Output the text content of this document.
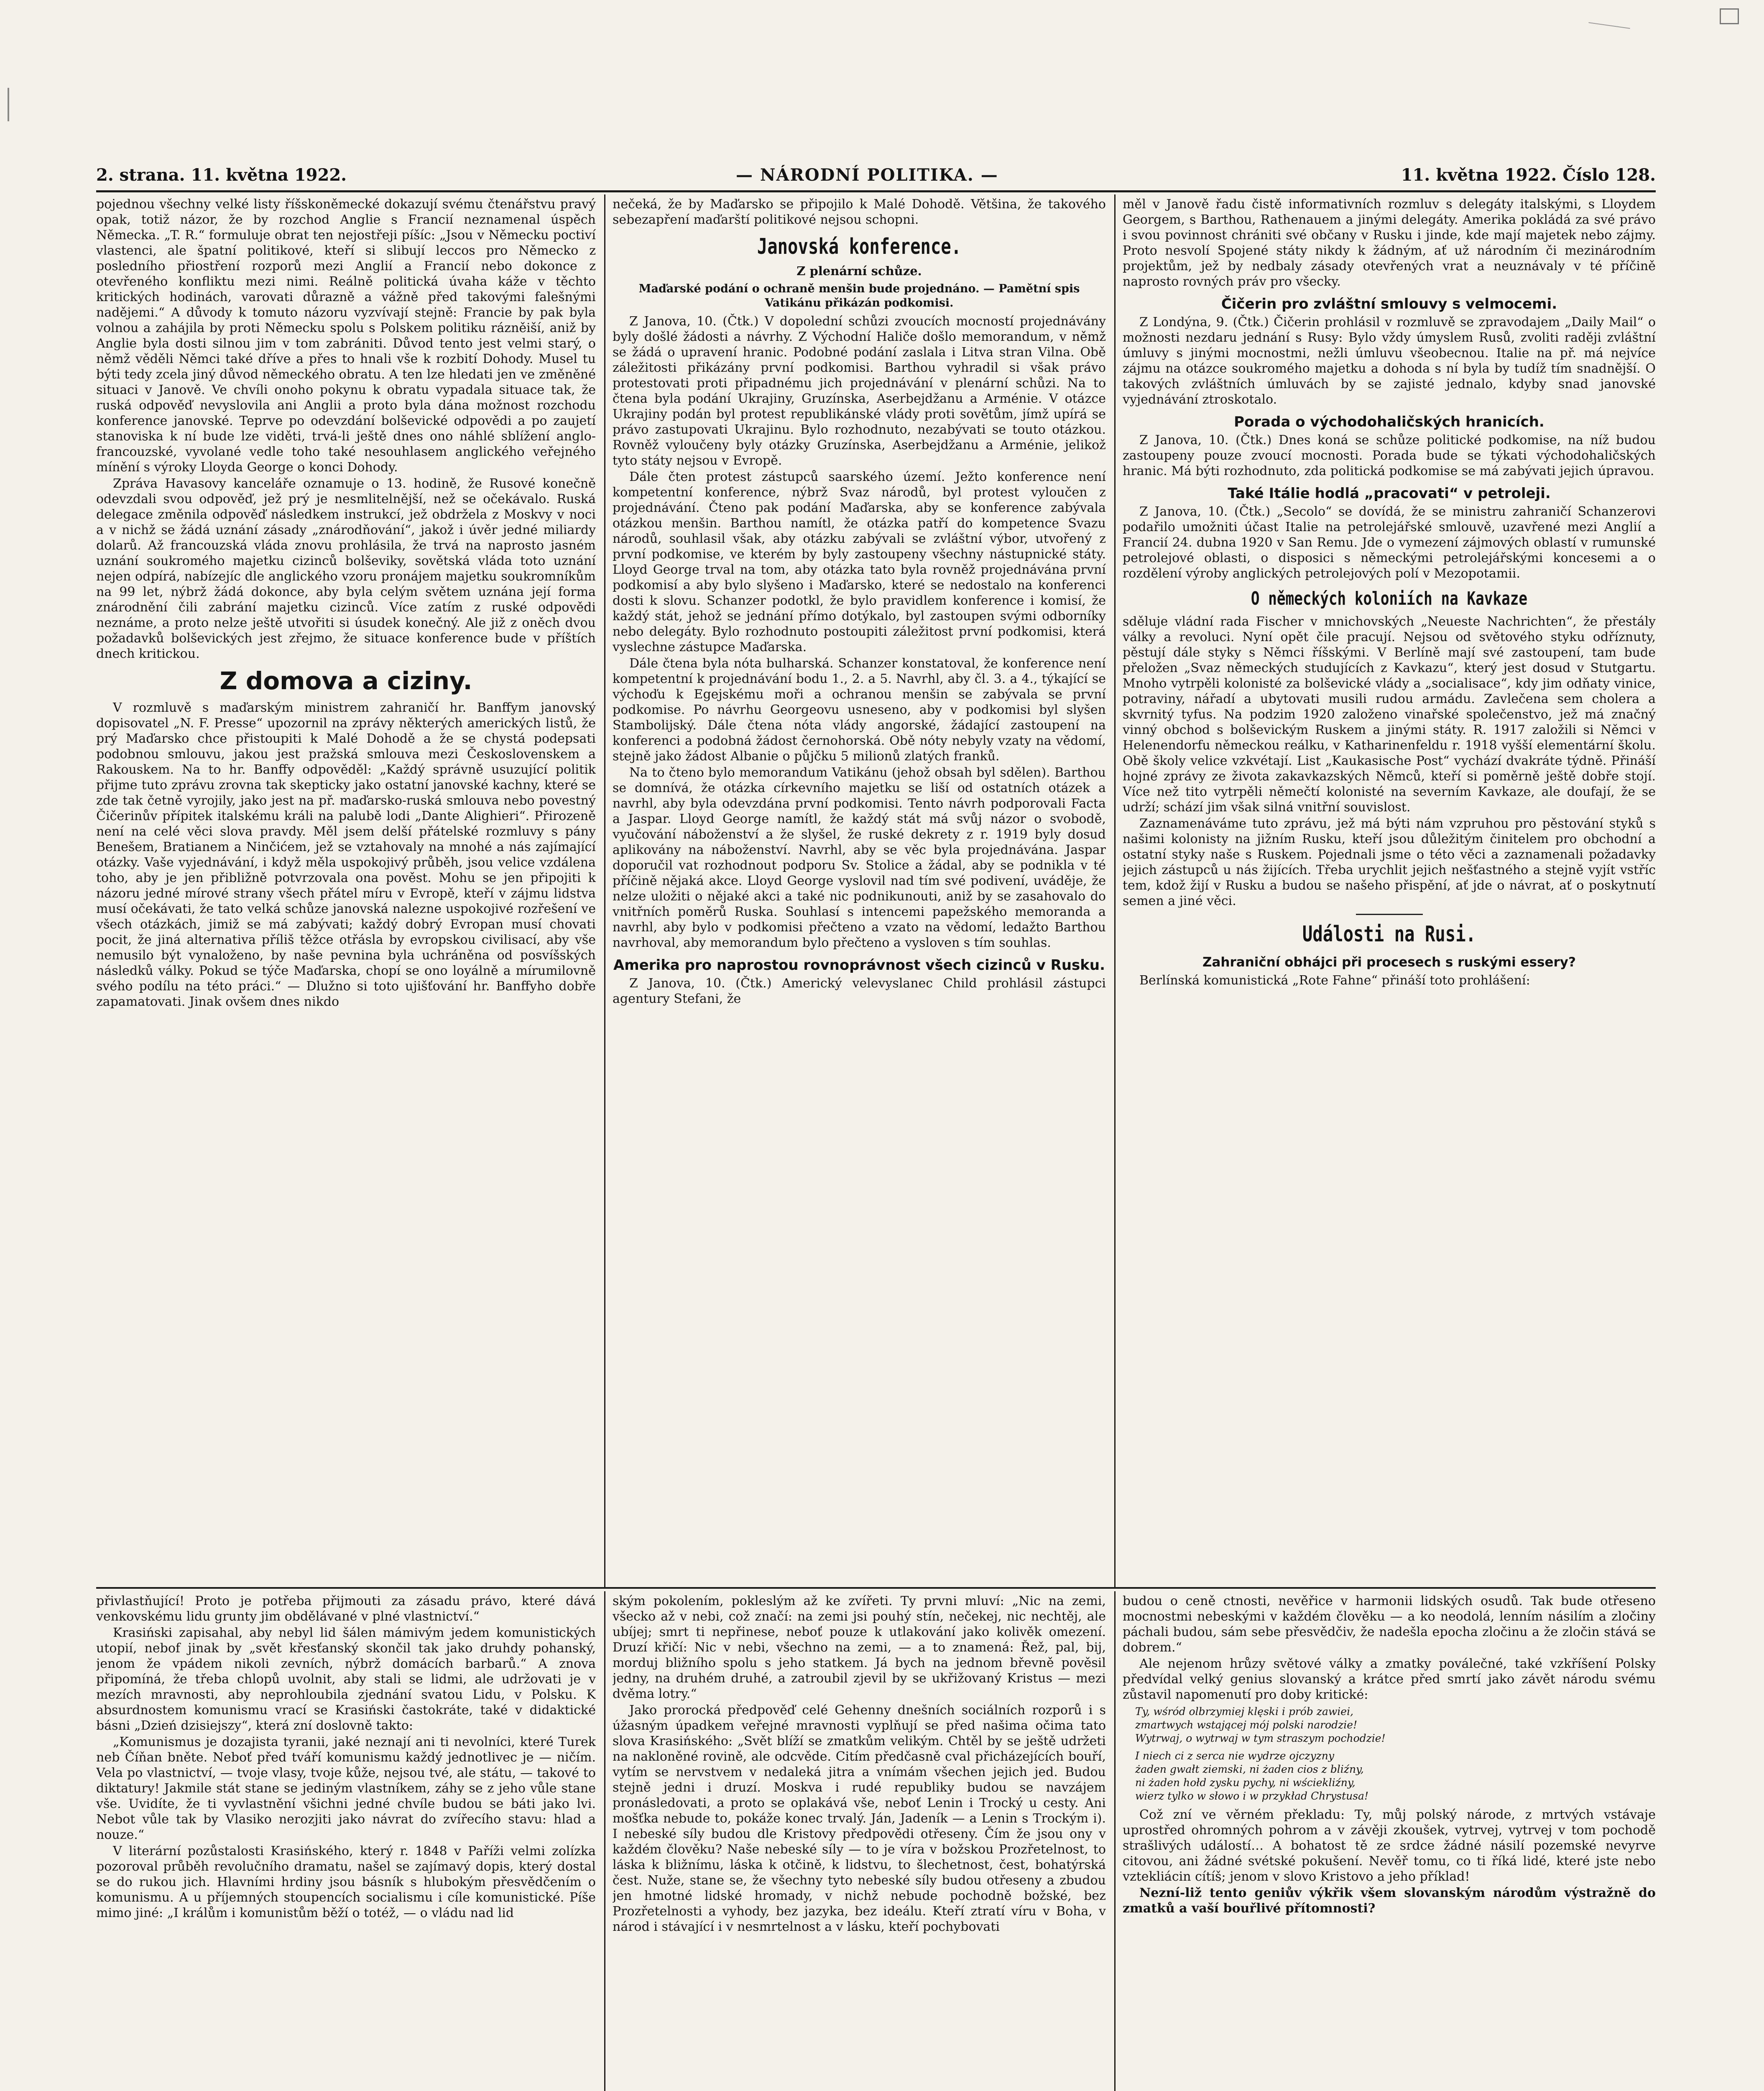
2. strana. 11. května 1922.	— NÁRODNÍ POLITIKA. —	11. května 1922. Číslo 128.

pojednou všechny velké listy říšskoněmecké dokazují svému čtenářstvu pravý opak, totiž názor, že by rozchod Anglie s Francií neznamenal úspěch Německa. „T. R.“ formuluje obrat ten nejostřeji píšíc: „Jsou v Německu poctiví vlastenci, ale špatní politikové, kteří si slibují leccos pro Německo z posledního přiostření rozporů mezi Anglií a Francií nebo dokonce z otevřeného konfliktu mezi nimi. Reálně politická úvaha káže v těchto kritických hodinách, varovati důrazně a vážně před takovými falešnými nadějemi.“ A důvody k tomuto názoru vyzvívají stejně: Francie by pak byla volnou a zahájila by proti Německu spolu s Polskem politiku rázněiší, aniž by Anglie byla dosti silnou jim v tom zabrániti. Důvod tento jest velmi starý, o němž věděli Němci také dříve a přes to hnali vše k rozbití Dohody. Musel tu býti tedy zcela jiný důvod německého obratu. A ten lze hledati jen ve změněné situaci v Janově. Ve chvíli onoho pokynu k obratu vypadala situace tak, že ruská odpověď nevyslovila ani Anglii a proto byla dána možnost rozchodu konference janovské. Teprve po odevzdání bolševické odpovědi a po zaujetí stanoviska k ní bude lze viděti, trvá-li ještě dnes ono náhlé sblížení anglo-francouzské, vyvolané vedle toho také nesouhlasem anglického veřejného mínění s výroky Lloyda George o konci Dohody.

Zpráva Havasovy kanceláře oznamuje o 13. hodině, že Rusové konečně odevzdali svou odpověď, jež prý je nesmlitelnější, než se očekávalo. Ruská delegace změnila odpověď následkem instrukcí, jež obdržela z Moskvy v noci a v nichž se žádá uznání zásady „znárodňování“, jakož i úvěr jedné miliardy dolarů. Až francouzská vláda znovu prohlásila, že trvá na naprosto jasném uznání soukromého majetku cizinců bolševiky, sovětská vláda toto uznání nejen odpírá, nabízejíc dle anglického vzoru pronájem majetku soukromníkům na 99 let, nýbrž žádá dokonce, aby byla celým světem uznána její forma znárodnění čili zabrání majetku cizinců. Více zatím z ruské odpovědi neznáme, a proto nelze ještě utvořiti si úsudek konečný. Ale již z oněch dvou požadavků bolševických jest zřejmo, že situace konference bude v příštích dnech kritickou.

Z domova a ciziny.

V rozmluvě s maďarským ministrem zahraničí hr. Banffym janovský dopisovatel „N. F. Presse“ upozornil na zprávy některých amerických listů, že prý Maďarsko chce přistoupiti k Malé Dohodě a že se chystá podepsati podobnou smlouvu, jakou jest pražská smlouva mezi Československem a Rakouskem. Na to hr. Banffy odpověděl: „Každý správně usuzující politik přijme tuto zprávu zrovna tak skepticky jako ostatní janovské kachny, které se zde tak četně vyrojily, jako jest na př. maďarsko-ruská smlouva nebo povestný Čičerinův přípitek italskému králi na palubě lodi „Dante Alighieri“. Přirozeně není na celé věci slova pravdy. Měl jsem delší přátelské rozmluvy s pány Benešem, Bratianem a Ninčićem, jež se vztahovaly na mnohé a nás zajímající otázky. Vaše vyjednávání, i když měla uspokojivý průběh, jsou velice vzdálena toho, aby je jen přibližně potvrzovala ona pověst. Mohu se jen připojiti k názoru jedné mírové strany všech přátel míru v Evropě, kteří v zájmu lidstva musí očekávati, že tato velká schůze janovská nalezne uspokojivé rozřešení ve všech otázkách, jimiž se má zabývati; každý dobrý Evropan musí chovati pocit, že jiná alternativa příliš těžce otřásla by evropskou civilisací, aby vše nemusilo být vynaloženo, by naše pevnina byla uchráněna od posvíšských následků války. Pokud se týče Maďarska, chopí se ono loyálně a mírumilovně svého podílu na této práci.“ — Dlužno si toto ujišťování hr. Banffyho dobře zapamatovati. Jinak ovšem dnes nikdo

nečeká, že by Maďarsko se připojilo k Malé Dohodě. Většina, že takového sebezapření maďarští politikové nejsou schopni.

Janovská konference.
Z plenární schůze.
Maďarské podání o ochraně menšin bude projednáno. — Pamětní spis Vatikánu přikázán podkomisi.

Z Janova, 10. (Čtk.) V dopolední schůzi zvoucích mocností projednávány byly došlé žádosti a návrhy. Z Východní Haliče došlo memorandum, v němž se žádá o upravení hranic. Podobné podání zaslala i Litva stran Vilna. Obě záležitosti přikázány první podkomisi. Barthou vyhradil si však právo protestovati proti připadnému jich projednávání v plenární schůzi. Na to čtena byla podání Ukrajiny, Gruzínska, Aserbejdžanu a Arménie. V otázce Ukrajiny podán byl protest republikánské vlády proti sovětům, jímž upírá se právo zastupovati Ukrajinu. Bylo rozhodnuto, nezabývati se touto otázkou. Rovněž vyloučeny byly otázky Gruzínska, Aserbejdžanu a Arménie, jelikož tyto státy nejsou v Evropě.

Dále čten protest zástupců saarského území. Ježto konference není kompetentní konference, nýbrž Svaz národů, byl protest vyloučen z projednávání. Čteno pak podání Maďarska, aby se konference zabývala otázkou menšin. Barthou namítl, že otázka patří do kompetence Svazu národů, souhlasil však, aby otázku zabývali se zvláštní výbor, utvořený z první podkomise, ve kterém by byly zastoupeny všechny nástupnické státy. Lloyd George trval na tom, aby otázka tato byla rovněž projednávána první podkomisí a aby bylo slyšeno i Maďarsko, které se nedostalo na konferenci dosti k slovu. Schanzer podotkl, že bylo pravidlem konference i komisí, že každý stát, jehož se jednání přímo dotýkalo, byl zastoupen svými odborníky nebo delegáty. Bylo rozhodnuto postoupiti záležitost první podkomisi, která vyslechne zástupce Maďarska.

Dále čtena byla nóta bulharská. Schanzer konstatoval, že konference není kompetentní k projednávání bodu 1., 2. a 5. Navrhl, aby čl. 3. a 4., týkající se výchoďu k Egejskému moři a ochranou menšin se zabývala se první podkomise. Po návrhu Georgeovu usneseno, aby v podkomisi byl slyšen Stambolijský. Dále čtena nóta vlády angorské, žádající zastoupení na konferenci a podobná žádost černohorská. Obě nóty nebyly vzaty na vědomí, stejně jako žádost Albanie o půjčku 5 milionů zlatých franků.

Na to čteno bylo memorandum Vatikánu (jehož obsah byl sdělen). Barthou se domnívá, že otázka církevního majetku se liší od ostatních otázek a navrhl, aby byla odevzdána první podkomisi. Tento návrh podporovali Facta a Jaspar. Lloyd George namítl, že každý stát má svůj názor o svobodě, vyučování náboženství a že slyšel, že ruské dekrety z r. 1919 byly dosud aplikovány na náboženství. Navrhl, aby se věc byla projednávána. Jaspar doporučil vat rozhodnout podporu Sv. Stolice a žádal, aby se podnikla v té příčině nějaká akce. Lloyd George vyslovil nad tím své podivení, uváděje, že nelze uložiti o nějaké akci a také nic podnikunouti, aniž by se zasahovalo do vnitřních poměrů Ruska. Souhlasí s intencemi papežského memoranda a navrhl, aby bylo v podkomisi přečteno a vzato na vědomí, ledažto Barthou navrhoval, aby memorandum bylo přečteno a vysloven s tím souhlas.

Amerika pro naprostou rovnoprávnost všech cizinců v Rusku.

Z Janova, 10. (Čtk.) Americký velevyslanec Child prohlásil zástupci agentury Stefani, že

měl v Janově řadu čistě informativních rozmluv s delegáty italskými, s Lloydem Georgem, s Barthou, Rathenauem a jinými delegáty. Amerika pokládá za své právo i svou povinnost chrániti své občany v Rusku i jinde, kde mají majetek nebo zájmy. Proto nesvolí Spojené státy nikdy k žádným, ať už národním či mezinárodním projektům, jež by nedbaly zásady otevřených vrat a neuznávaly v té příčině naprosto rovných práv pro všecky.

Čičerin pro zvláštní smlouvy s velmocemi.

Z Londýna, 9. (Čtk.) Čičerin prohlásil v rozmluvě se zpravodajem „Daily Mail“ o možnosti nezdaru jednání s Rusy: Bylo vždy úmyslem Rusů, zvoliti raději zvláštní úmluvy s jinými mocnostmi, nežli úmluvu všeobecnou. Italie na př. má nejvíce zájmu na otázce soukromého majetku a dohoda s ní byla by tudíž tím snadnější. O takových zvláštních úmluvách by se zajisté jednalo, kdyby snad janovské vyjednávání ztroskotalo.

Porada o východohaličských hranicích.

Z Janova, 10. (Čtk.) Dnes koná se schůze politické podkomise, na níž budou zastoupeny pouze zvoucí mocnosti. Porada bude se týkati východohaličských hranic. Má býti rozhodnuto, zda politická podkomise se má zabývati jejich úpravou.

Také Itálie hodlá „pracovati“ v petroleji.

Z Janova, 10. (Čtk.) „Secolo“ se dovídá, že se ministru zahraničí Schanzerovi podařilo umožniti účast Italie na petrolejářské smlouvě, uzavřené mezi Anglií a Francií 24. dubna 1920 v San Remu. Jde o vymezení zájmových oblastí v rumunské petrolejové oblasti, o disposici s německými petrolejářskými koncesemi a o rozdělení výroby anglických petrolejových polí v Mezopotamii.

O německých koloniích na Kavkaze

sděluje vládní rada Fischer v mnichovských „Neueste Nachrichten“, že přestály války a revoluci. Nyní opět čile pracují. Nejsou od světového styku odříznuty, pěstují dále styky s Němci říšskými. V Berlíně mají své zastoupení, tam bude přeložen „Svaz německých studujících z Kavkazu“, který jest dosud v Stutgartu. Mnoho vytrpěli kolonisté za bolševické vlády a „socialisace“, kdy jim odňaty vinice, potraviny, nářadí a ubytovati musili rudou armádu. Zavlečena sem cholera a skvrnitý tyfus. Na podzim 1920 založeno vinařské společenstvo, jež má značný vinný obchod s bolševickým Ruskem a jinými státy. R. 1917 založili si Němci v Helenendorfu německou reálku, v Katharinenfeldu r. 1918 vyšší elementární školu. Obě školy velice vzkvétají. List „Kaukasische Post“ vychází dvakráte týdně. Přináší hojné zprávy ze života zakavkazských Němců, kteří si poměrně ještě dobře stojí. Více než tito vytrpěli němečtí kolonisté na severním Kavkaze, ale doufají, že se udrží; schází jim však silná vnitřní souvislost.

Zaznamenáváme tuto zprávu, jež má býti nám vzpruhou pro pěstování styků s našimi kolonisty na jižním Rusku, kteří jsou důležitým činitelem pro obchodní a ostatní styky naše s Ruskem. Pojednali jsme o této věci a zaznamenali požadavky jejich zástupců u nás žijících. Třeba urychlit jejich nešťastného a stejně vyjít vstříc tem, kdož žijí v Rusku a budou se našeho přispění, ať jde o návrat, ať o poskytnutí semen a jiné věci.

Události na Rusi.
Zahraniční obhájci při procesech s ruskými essery?

Berlínská komunistická „Rote Fahne“ přináší toto prohlášení:

přivlastňující! Proto je potřeba přijmouti za zásadu právo, které dává venkovskému lidu grunty jim obdělávané v plné vlastnictví.“

Krasiński zapisahal, aby nebyl lid šálen mámivým jedem komunistických utopií, nebof jinak by „svět křesťanský skončil tak jako druhdy pohanský, jenom že vpádem nikoli zevních, nýbrž domácích barbarů.“ A znova připomíná, že třeba chlopů uvolnit, aby stali se lidmi, ale udržovati je v mezích mravnosti, aby neprohloubila zjednání svatou Lidu, v Polsku. K absurdnostem komunismu vrací se Krasiński častokráte, také v didaktické básni „Dzień dzisiejszy“, která zní doslovně takto:

„Komunismus je dozajista tyranii, jaké neznají ani ti nevolníci, které Turek neb Číňan bněte. Neboť před tváří komunismu každý jednotlivec je — ničím. Vela po vlastnictví, — tvoje vlasy, tvoje kůže, nejsou tvé, ale státu, — takové to diktatury! Jakmile stát stane se jediným vlastníkem, záhy se z jeho vůle stane vše. Uvidíte, že ti vyvlastnění všichni jedné chvíle budou se báti jako lvi. Nebot vůle tak by Vlasiko nerozjiti jako návrat do zvířecího stavu: hlad a nouze.“

V literární pozůstalosti Krasińského, který r. 1848 v Paříži velmi zolízka pozoroval průběh revolučního dramatu, našel se zajímavý dopis, který dostal se do rukou jich. Hlavními hrdiny jsou básník s hlubokým přesvědčením o komunismu. A u příjemných stoupencích socialismu i cíle komunistické. Píše mimo jiné: „I králům i komunistům běží o totéž, — o vládu nad lid

ským pokolením, pokleslým až ke zvířeti. Ty prvni mluví: „Nic na zemi, všecko až v nebi, což značí: na zemi jsi pouhý stín, nečekej, nic nechtěj, ale ubíjej; smrt ti nepřinese, neboť pouze k utlakování jako kolivěk omezení. Druzí křičí: Nic v nebi, všechno na zemi, — a to znamená: Řež, pal, bij, morduj bližního spolu s jeho statkem. Já bych na jednom břevně pověsil jedny, na druhém druhé, a zatroubil zjevil by se ukřižovaný Kristus — mezi dvěma lotry.“

Jako prorocká předpověď celé Gehenny dnešních sociálních rozporů i s úžasným úpadkem veřejné mravnosti vyplňují se před našima očima tato slova Krasińského: „Svět blíží se zmatkům velikým. Chtěl by se ještě udržeti na nakloněné rovině, ale odcvěde. Citím předčasně cval přicházejících bouří, vytím se nervstvem v nedaleká jitra a vnímám všechen jejich jed. Budou stejně jedni i druzí. Moskva i rudé republiky budou se navzájem pronásledovati, a proto se oplakává vše, neboť Lenin i Trocký u cesty. Ani mošťka nebude to, pokáže konec trvalý. Ján, Jadeník — a Lenin s Trockým i). I nebeské síly budou dle Kristovy předpovědi otřeseny. Čím že jsou ony v každém člověku? Naše nebeské síly — to je víra v božskou Prozřetelnost, to láska k bližnímu, láska k otčině, k lidstvu, to šlechetnost, čest, bohatýrská čest. Nuže, stane se, že všechny tyto nebeské síly budou otřeseny a zbudou jen hmotné lidské hromady, v nichž nebude pochodně božské, bez Prozřetelnosti a vyhody, bez jazyka, bez ideálu. Kteří ztratí víru v Boha, v národ i stávající i v nesmrtelnost a v lásku, kteří pochybovati

budou o ceně ctnosti, nevěřice v harmonii lidských osudů. Tak bude otřeseno mocnostmi nebeskými v každém člověku — a ko neodolá, lenním násilím a zločiny páchali budou, sám sebe přesvědčiv, že nadešla epocha zločinu a že zločin stává se dobrem.“

Ale nejenom hrůzy světové války a zmatky poválečné, také vzkříšení Polsky předvídal velký genius slovanský a krátce před smrtí jako závět národu svému zůstavil napomenutí pro doby kritické:

Ty, wśród olbrzymiej klęski i prób zawiei,
zmartwych wstającej mój polski narodzie!
Wytrwaj, o wytrwaj w tym straszym pochodzie!
I niech ci z serca nie wydrze ojczyzny
żaden gwałt ziemski, ni żaden cios z bliźny,
ni żaden hołd zysku pychy, ni wściekliźny,
wierz tylko w słowo i w przykład Chrystusa!

Což zní ve věrném překladu: Ty, můj polský národe, z mrtvých vstávaje uprostřed ohromných pohrom a v závěji zkoušek, vytrvej, vytrvej v tom pochodě strašlivých událostí… A bohatost tě ze srdce žádné násilí pozemské nevyrve citovou, ani žádné svétské pokušení. Nevěř tomu, co ti říká lidé, které jste nebo vztekliácin cítíš; jenom v slovo Kristovo a jeho příklad!

Nezní-liž tento geniův výkřik všem slovanským národům výstražně do zmatků a vaší bouřlivé přítomnosti?
